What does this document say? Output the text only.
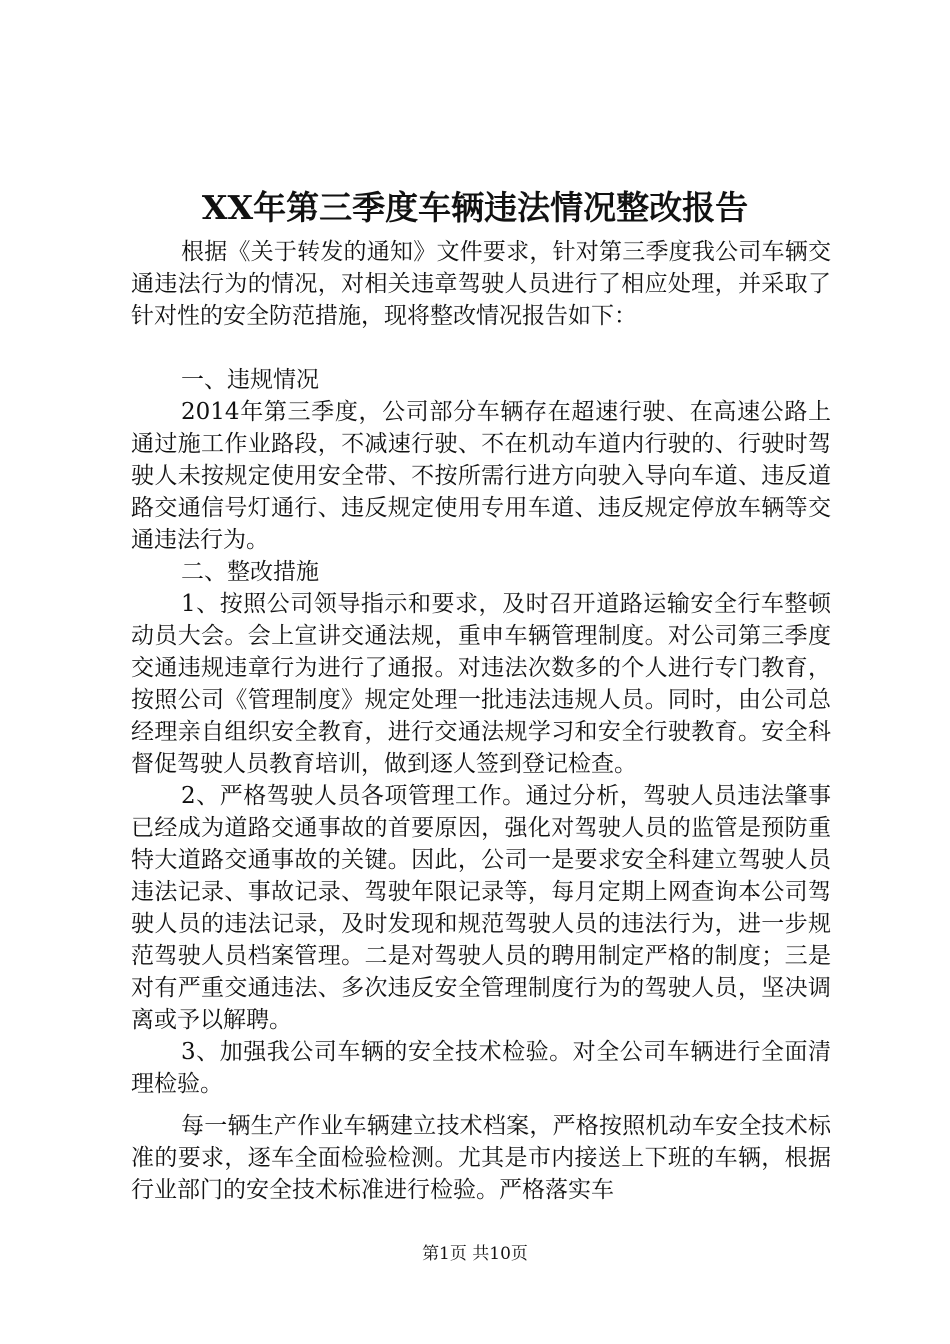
XX年第三季度车辆违法情况整改报告

根据《关于转发的通知》文件要求，针对第三季度我公司车辆交通违法行为的情况，对相关违章驾驶人员进行了相应处理，并采取了针对性的安全防范措施，现将整改情况报告如下：

一、违规情况

2014年第三季度，公司部分车辆存在超速行驶、在高速公路上通过施工作业路段，不减速行驶、不在机动车道内行驶的、行驶时驾驶人未按规定使用安全带、不按所需行进方向驶入导向车道、违反道路交通信号灯通行、违反规定使用专用车道、违反规定停放车辆等交通违法行为。

二、整改措施

1、按照公司领导指示和要求，及时召开道路运输安全行车整顿动员大会。会上宣讲交通法规，重申车辆管理制度。对公司第三季度交通违规违章行为进行了通报。对违法次数多的个人进行专门教育，按照公司《管理制度》规定处理一批违法违规人员。同时，由公司总经理亲自组织安全教育，进行交通法规学习和安全行驶教育。安全科督促驾驶人员教育培训，做到逐人签到登记检查。

2、严格驾驶人员各项管理工作。通过分析，驾驶人员违法肇事已经成为道路交通事故的首要原因，强化对驾驶人员的监管是预防重特大道路交通事故的关键。因此，公司一是要求安全科建立驾驶人员违法记录、事故记录、驾驶年限记录等，每月定期上网查询本公司驾驶人员的违法记录，及时发现和规范驾驶人员的违法行为，进一步规范驾驶人员档案管理。二是对驾驶人员的聘用制定严格的制度；三是对有严重交通违法、多次违反安全管理制度行为的驾驶人员，坚决调离或予以解聘。

3、加强我公司车辆的安全技术检验。对全公司车辆进行全面清理检验。

每一辆生产作业车辆建立技术档案，严格按照机动车安全技术标准的要求，逐车全面检验检测。尤其是市内接送上下班的车辆，根据行业部门的安全技术标准进行检验。严格落实车

第1页 共10页
